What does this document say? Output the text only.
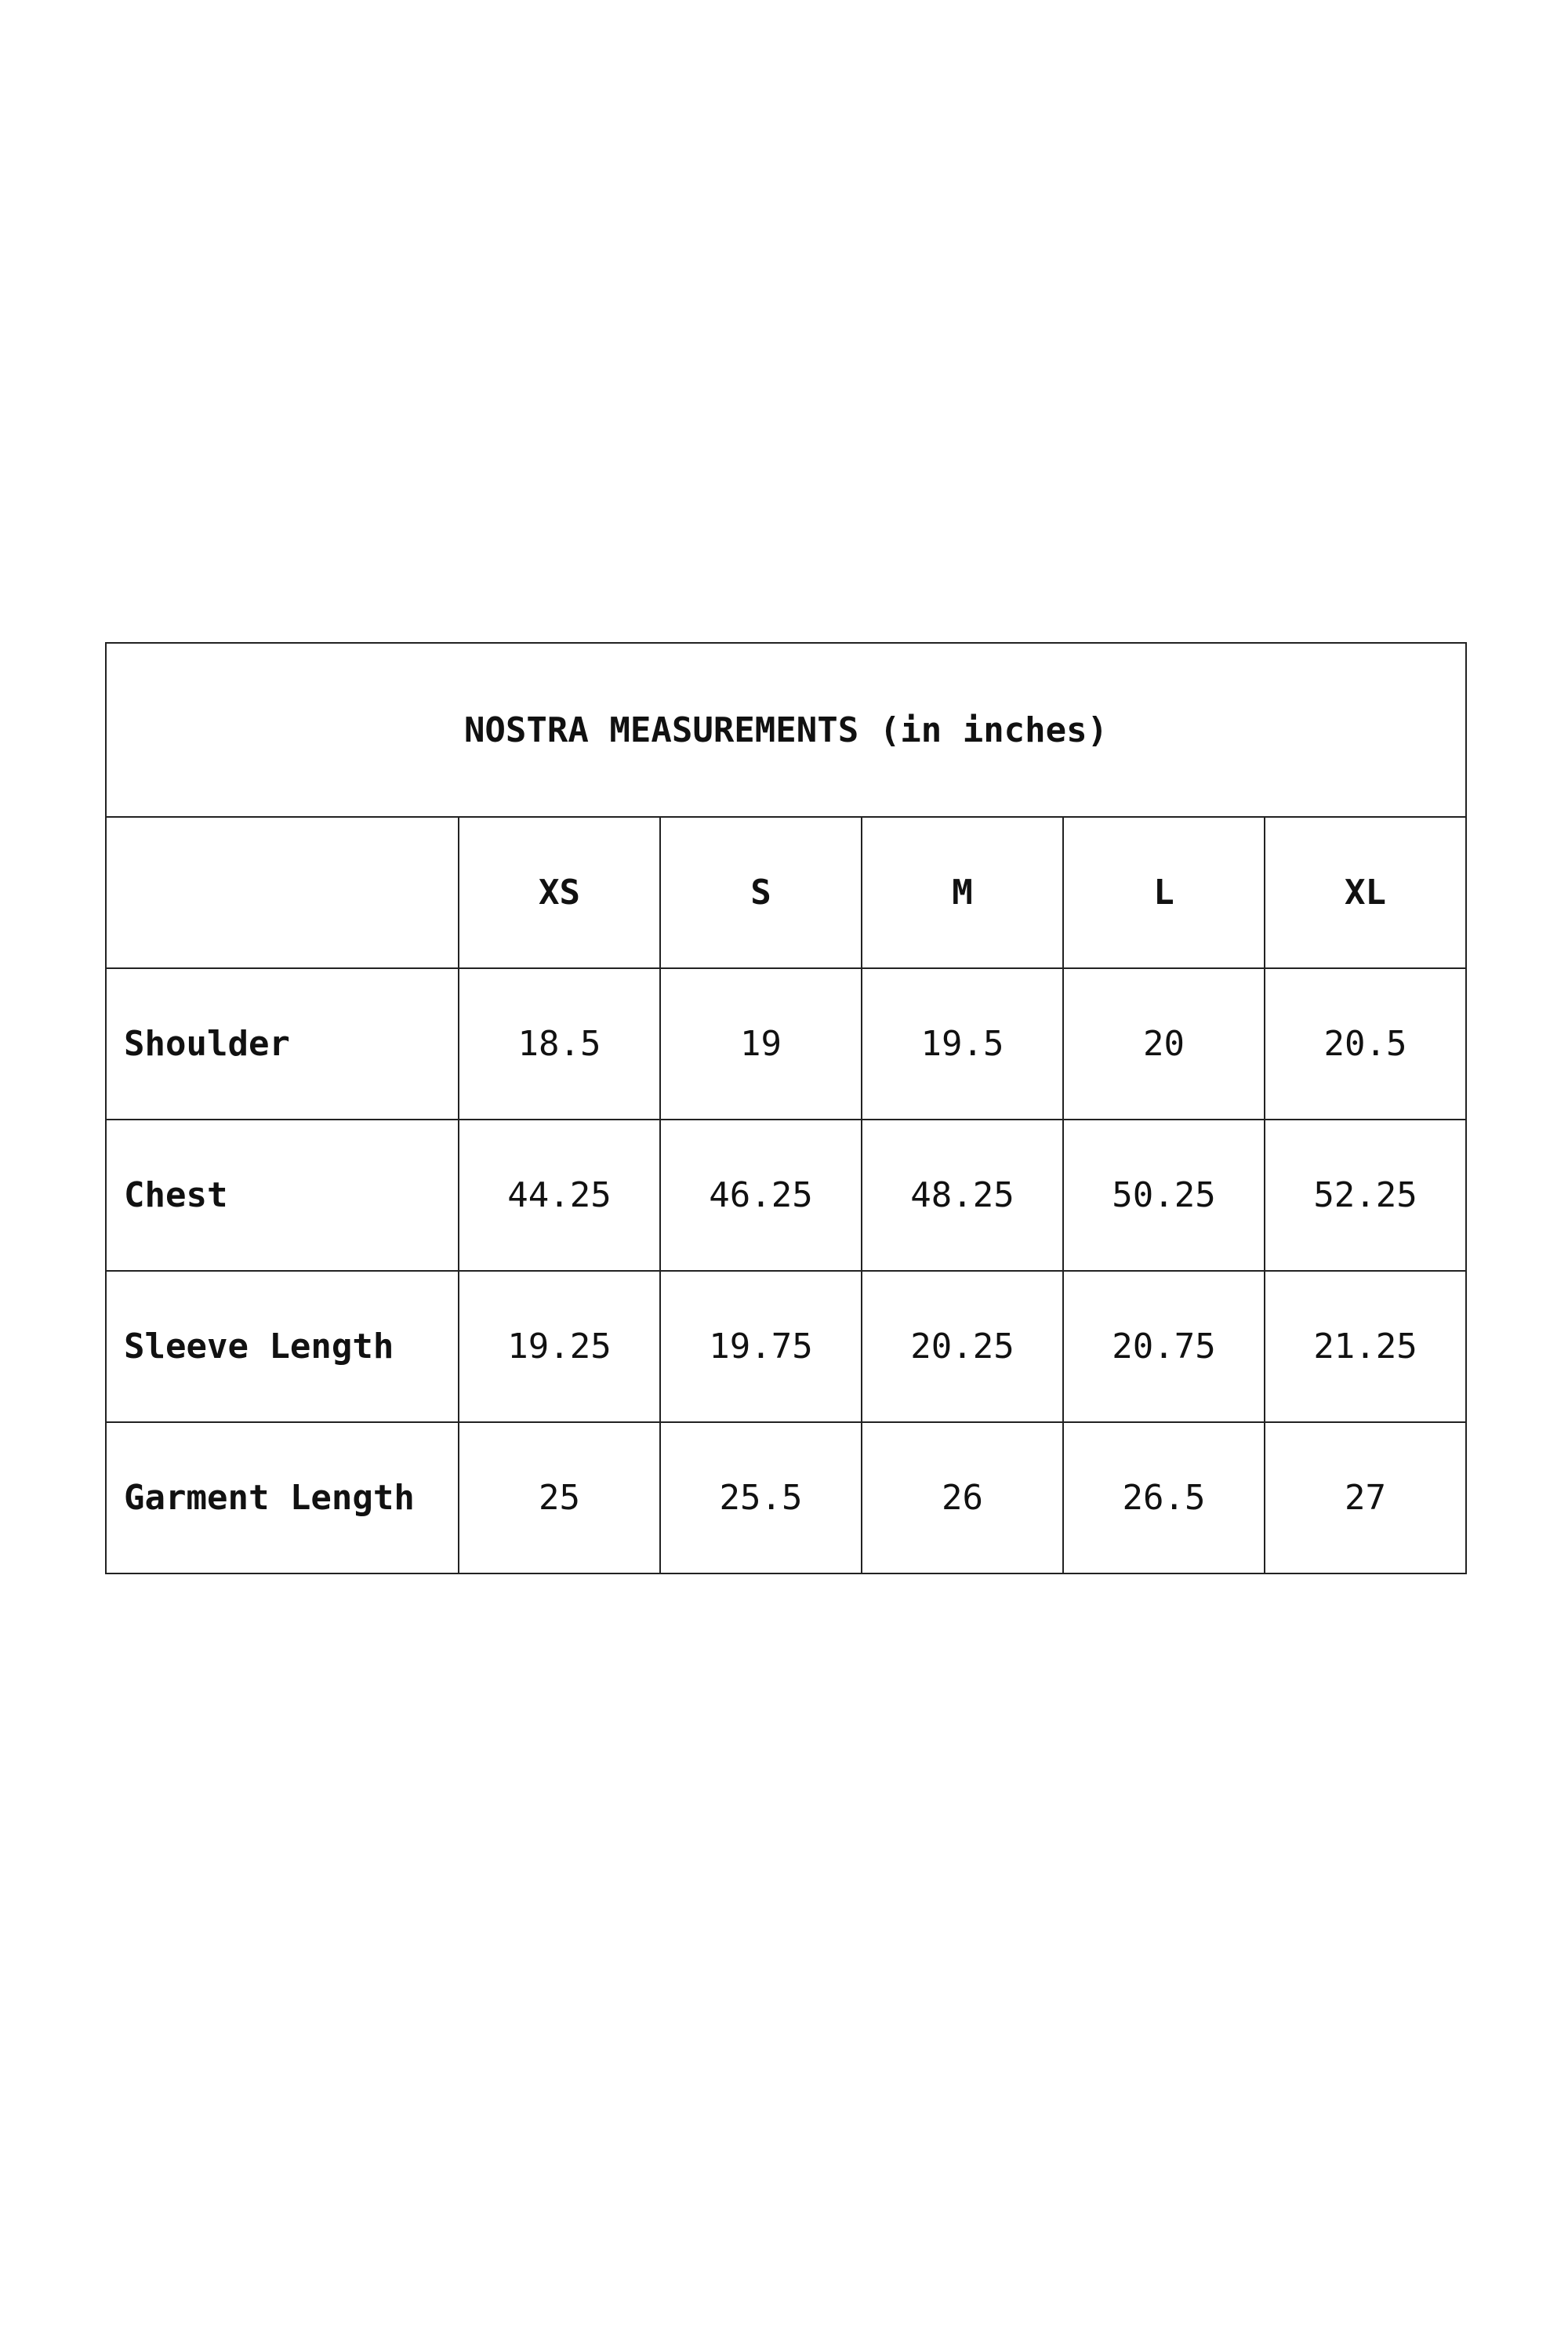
NOSTRA MEASUREMENTS (in inches)					
	XS	S	M	L	XL
Shoulder	18.5	19	19.5	20	20.5
Chest	44.25	46.25	48.25	50.25	52.25
Sleeve Length	19.25	19.75	20.25	20.75	21.25
Garment Length	25	25.5	26	26.5	27
